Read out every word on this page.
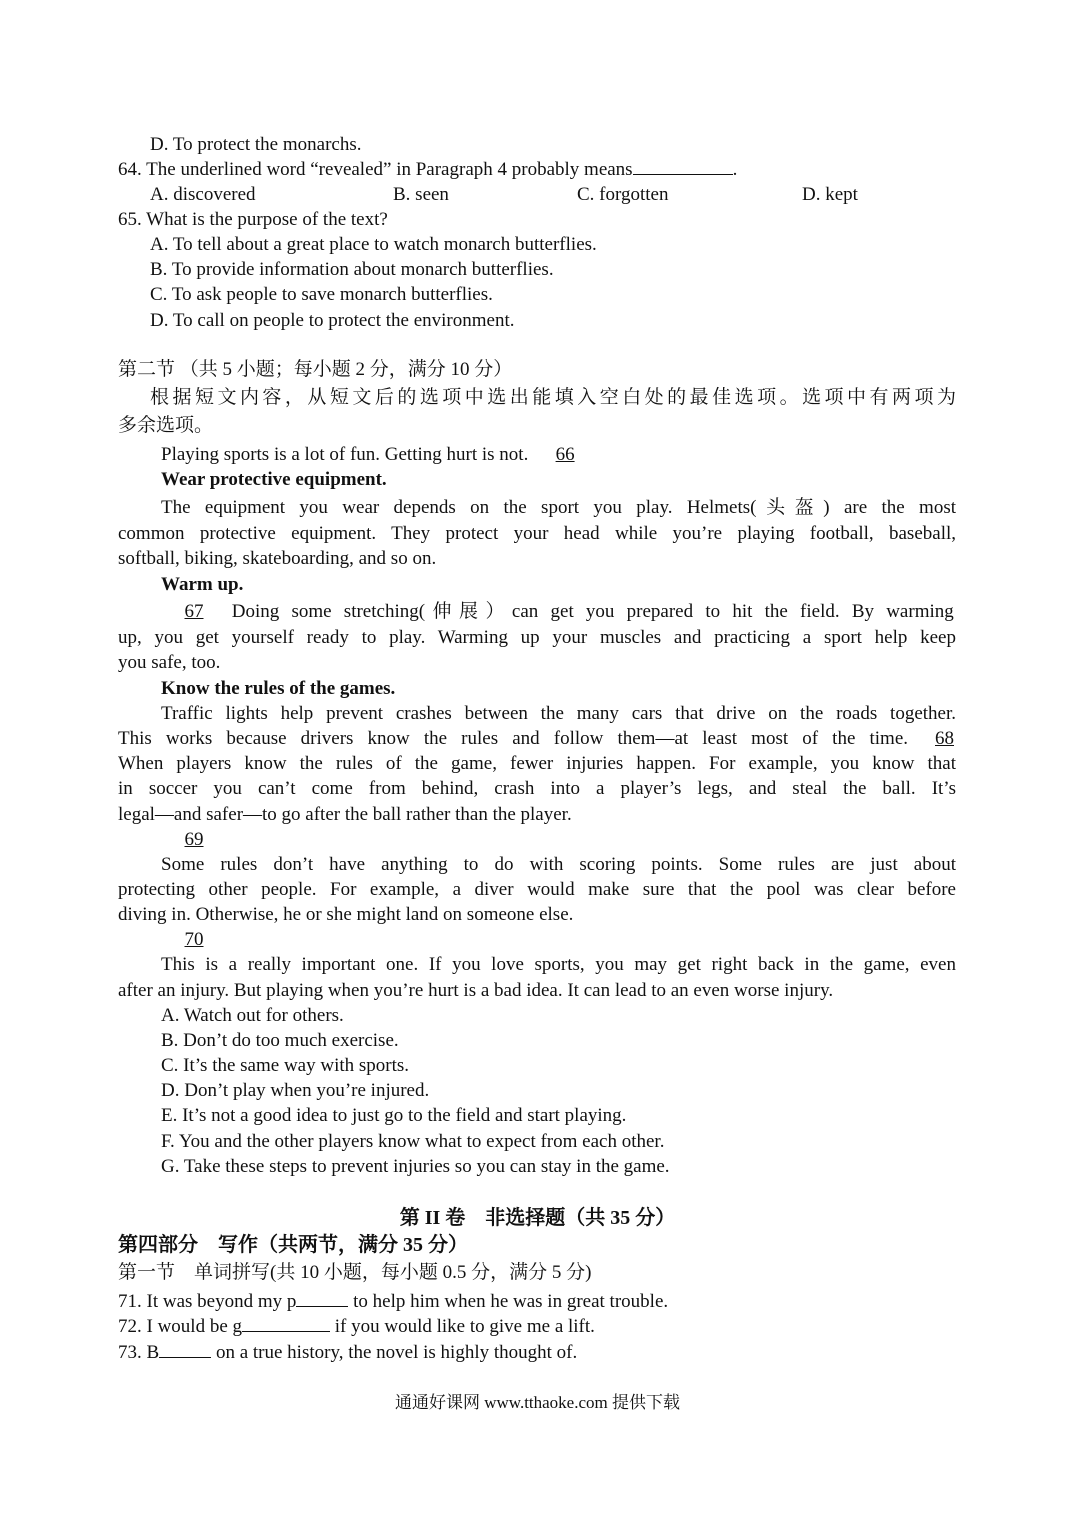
D. To protect the monarchs.
64. The underlined word “revealed” in Paragraph 4 probably means	.
A. discovered	B. seen	C. forgotten	D. kept
65. What is the purpose of the text?
A. To tell about a great place to watch monarch butterflies.
B. To provide information about monarch butterflies.
C. To ask people to save monarch butterflies.
D. To call on people to protect the environment.
第二节 （共 5 小题；每小题 2 分，满分 10 分）
根据短文内容，从短文后的选项中选出能填入空白处的最佳选项。选项中有两项为
多余选项。
Playing sports is a lot of fun. Getting hurt is not. 66
Wear protective equipment.
The equipment you wear depends on the sport you play. Helmets(头盔) are the most
common protective equipment. They protect your head while you’re playing football, baseball,
softball, biking, skateboarding, and so on.
Warm up.
67 Doing some stretching(伸展）can get you prepared to hit the field. By warming
up, you get yourself ready to play. Warming up your muscles and practicing a sport help keep
you safe, too.
Know the rules of the games.
Traffic lights help prevent crashes between the many cars that drive on the roads together.
This works because drivers know the rules and follow them—at least most of the time. 68
When players know the rules of the game, fewer injuries happen. For example, you know that
in soccer you can’t come from behind, crash into a player’s legs, and steal the ball. It’s
legal—and safer—to go after the ball rather than the player.
69
Some rules don’t have anything to do with scoring points. Some rules are just about
protecting other people. For example, a diver would make sure that the pool was clear before
diving in. Otherwise, he or she might land on someone else.
70
This is a really important one. If you love sports, you may get right back in the game, even
after an injury. But playing when you’re hurt is a bad idea. It can lead to an even worse injury.
A. Watch out for others.
B. Don’t do too much exercise.
C. It’s the same way with sports.
D. Don’t play when you’re injured.
E. It’s not a good idea to just go to the field and start playing.
F. You and the other players know what to expect from each other.
G. Take these steps to prevent injuries so you can stay in the game.
第 II 卷　非选择题（共 35 分）
第四部分　写作（共两节，满分 35 分）
第一节　单词拼写(共 10 小题，每小题 0.5 分，满分 5 分)
71. It was beyond my p	to help him when he was in great trouble.
72. I would be g	if you would like to give me a lift.
73. B	on a true history, the novel is highly thought of.
通通好课网 www.tthaoke.com 提供下载
